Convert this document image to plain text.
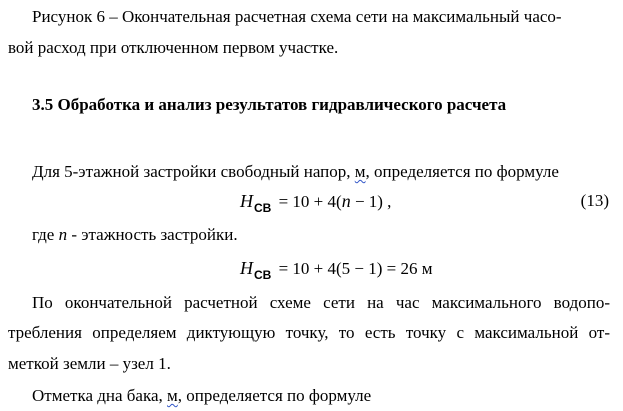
Рисунок 6 – Окончательная расчетная схема сети на максимальный часо-
вой расход при отключенном первом участке.
3.5 Обработка и анализ результатов гидравлического расчета
Для 5-этажной застройки свободный напор, м, определяется по формуле
$H_{СВ} = 10 + 4(n - 1)$ ,	(13)
где n - этажность застройки.
$H_{СВ} = 10 + 4(5 - 1) = 26$ м
По окончательной расчетной схеме сети на час максимального водопо-
требления определяем диктующую точку, то есть точку с максимальной от-
меткой земли – узел 1.
Отметка дна бака, м, определяется по формуле
